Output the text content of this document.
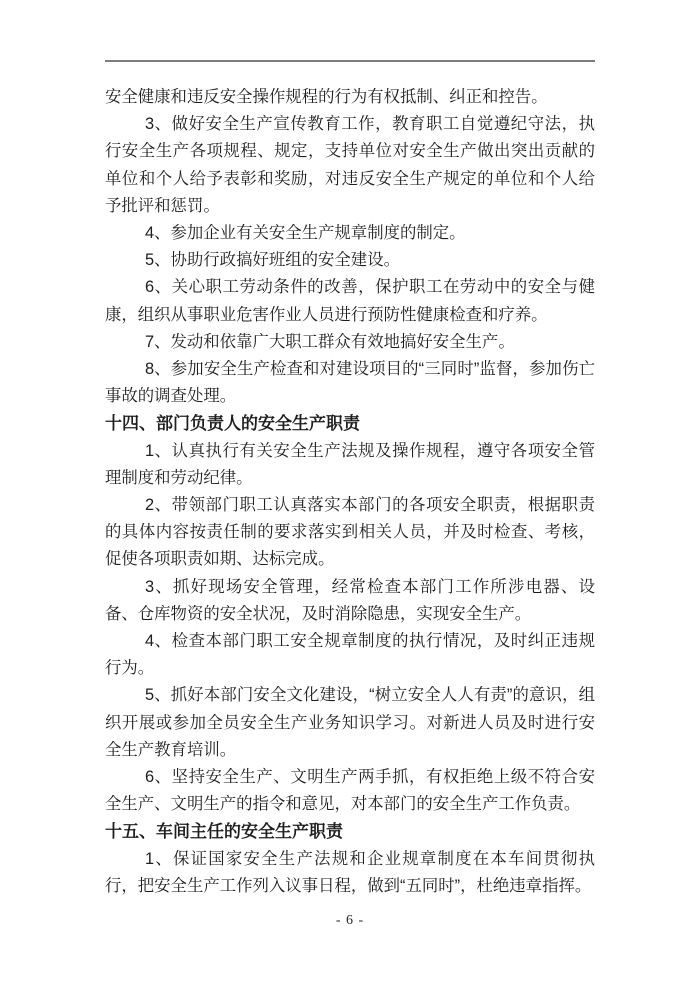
安全健康和违反安全操作规程的行为有权抵制、纠正和控告。

3、做好安全生产宣传教育工作，教育职工自觉遵纪守法，执行安全生产各项规程、规定，支持单位对安全生产做出突出贡献的单位和个人给予表彰和奖励，对违反安全生产规定的单位和个人给予批评和惩罚。

4、参加企业有关安全生产规章制度的制定。

5、协助行政搞好班组的安全建设。

6、关心职工劳动条件的改善，保护职工在劳动中的安全与健康，组织从事职业危害作业人员进行预防性健康检查和疗养。

7、发动和依靠广大职工群众有效地搞好安全生产。

8、参加安全生产检查和对建设项目的“三同时”监督，参加伤亡事故的调查处理。

十四、部门负责人的安全生产职责

1、认真执行有关安全生产法规及操作规程，遵守各项安全管理制度和劳动纪律。

2、带领部门职工认真落实本部门的各项安全职责，根据职责的具体内容按责任制的要求落实到相关人员，并及时检查、考核，促使各项职责如期、达标完成。

3、抓好现场安全管理，经常检查本部门工作所涉电器、设备、仓库物资的安全状况，及时消除隐患，实现安全生产。

4、检查本部门职工安全规章制度的执行情况，及时纠正违规行为。

5、抓好本部门安全文化建设，“树立安全人人有责”的意识，组织开展或参加全员安全生产业务知识学习。对新进人员及时进行安全生产教育培训。

6、坚持安全生产、文明生产两手抓，有权拒绝上级不符合安全生产、文明生产的指令和意见，对本部门的安全生产工作负责。

十五、车间主任的安全生产职责

1、保证国家安全生产法规和企业规章制度在本车间贯彻执行，把安全生产工作列入议事日程，做到“五同时”，杜绝违章指挥。

- 6 -
